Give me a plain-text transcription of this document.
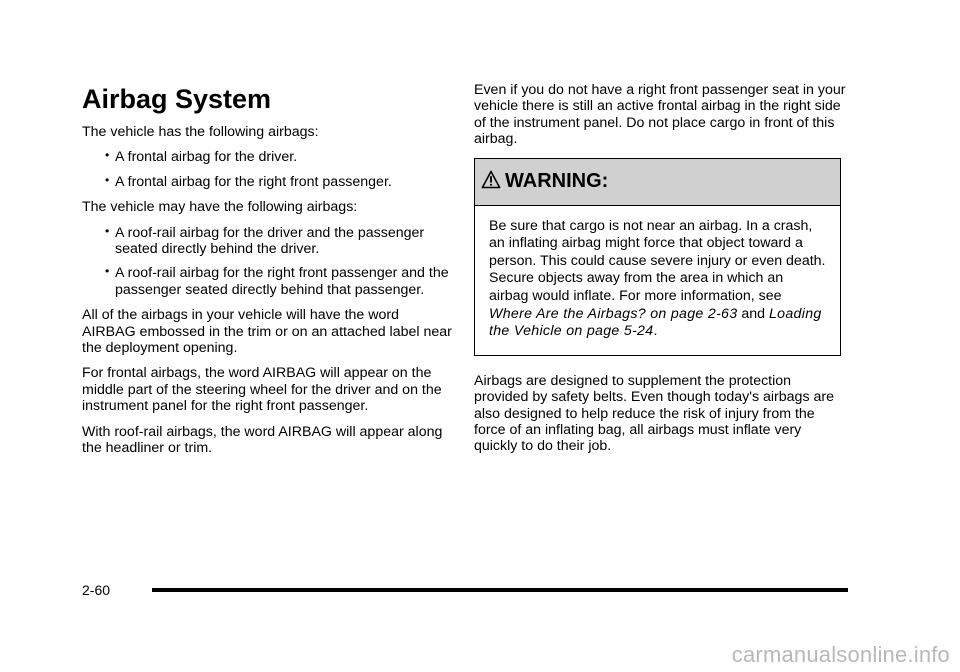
Airbag System

The vehicle has the following airbags:

• A frontal airbag for the driver.
• A frontal airbag for the right front passenger.

The vehicle may have the following airbags:

• A roof-rail airbag for the driver and the passenger seated directly behind the driver.
• A roof-rail airbag for the right front passenger and the passenger seated directly behind that passenger.

All of the airbags in your vehicle will have the word AIRBAG embossed in the trim or on an attached label near the deployment opening.

For frontal airbags, the word AIRBAG will appear on the middle part of the steering wheel for the driver and on the instrument panel for the right front passenger.

With roof-rail airbags, the word AIRBAG will appear along the headliner or trim.

Even if you do not have a right front passenger seat in your vehicle there is still an active frontal airbag in the right side of the instrument panel. Do not place cargo in front of this airbag.

WARNING:
Be sure that cargo is not near an airbag. In a crash, an inflating airbag might force that object toward a person. This could cause severe injury or even death. Secure objects away from the area in which an airbag would inflate. For more information, see Where Are the Airbags? on page 2-63 and Loading the Vehicle on page 5-24.

Airbags are designed to supplement the protection provided by safety belts. Even though today's airbags are also designed to help reduce the risk of injury from the force of an inflating bag, all airbags must inflate very quickly to do their job.

2-60
carmanualsonline.info
